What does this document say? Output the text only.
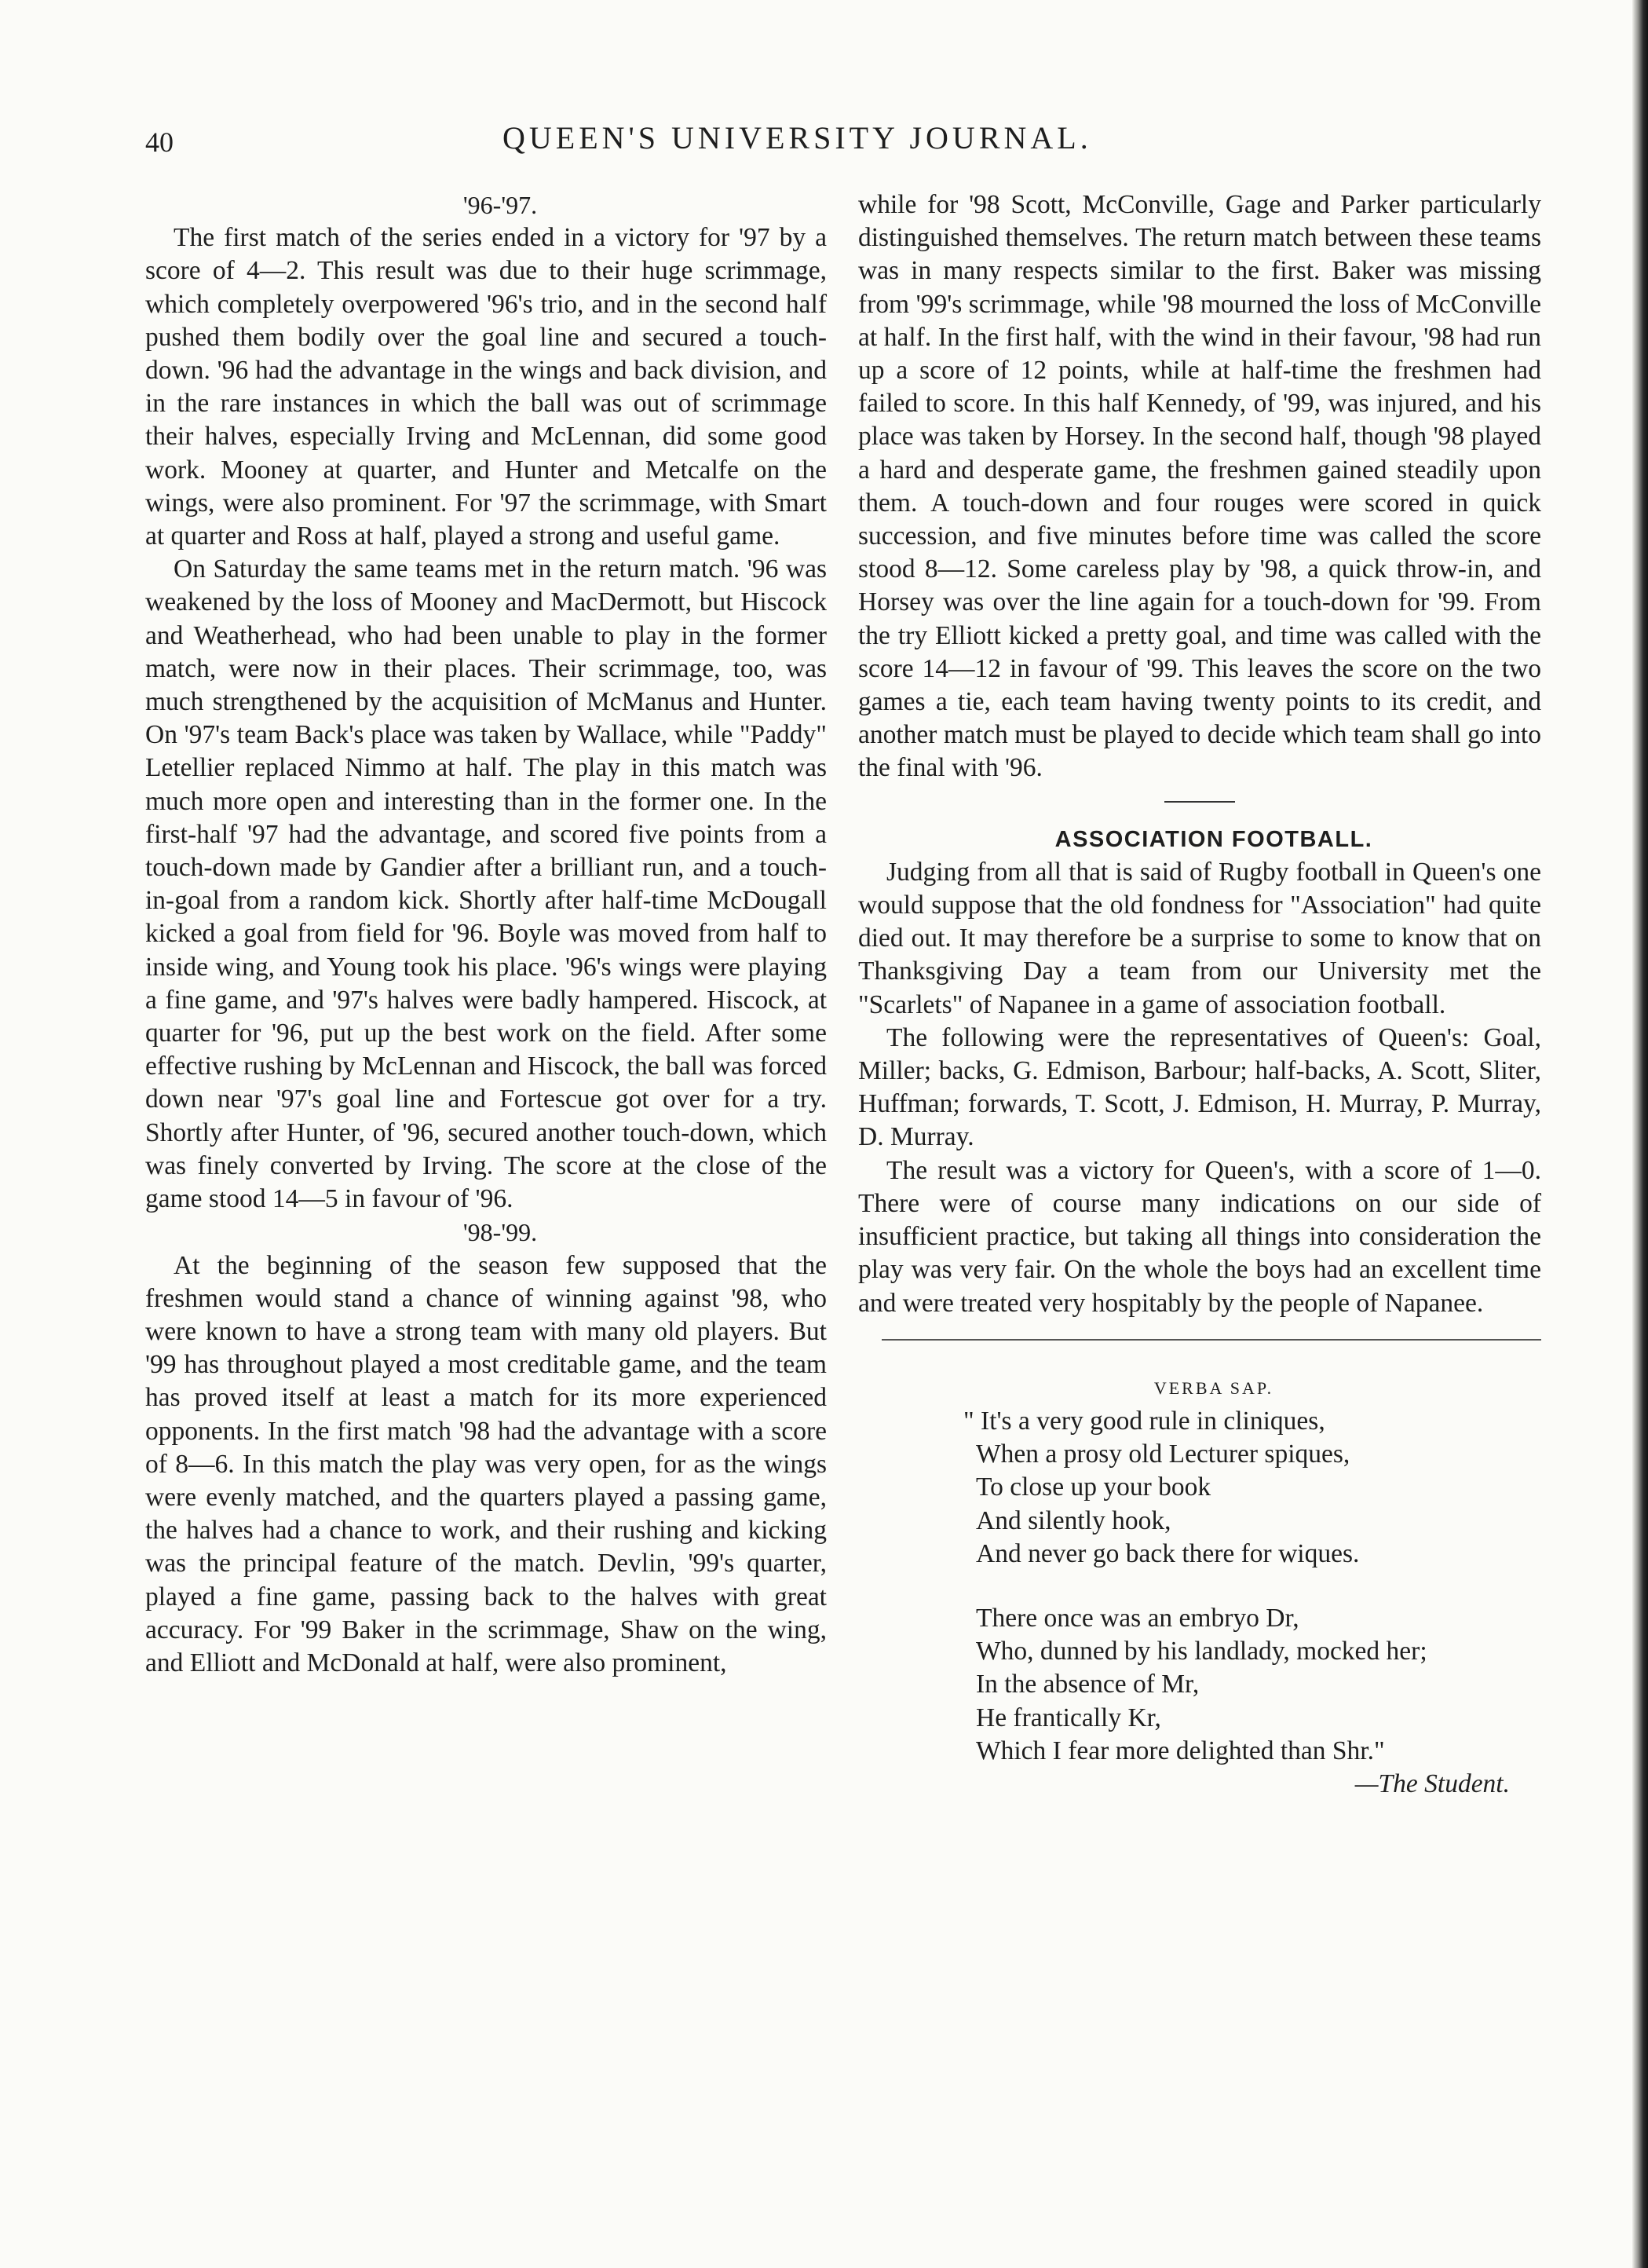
40	QUEEN'S UNIVERSITY JOURNAL.

'96-'97.

The first match of the series ended in a victory for '97 by a score of 4—2. This result was due to their huge scrimmage, which completely overpowered '96's trio, and in the second half pushed them bodily over the goal line and secured a touch-down. '96 had the advantage in the wings and back division, and in the rare instances in which the ball was out of scrimmage their halves, especially Irving and McLennan, did some good work. Mooney at quarter, and Hunter and Metcalfe on the wings, were also prominent. For '97 the scrimmage, with Smart at quarter and Ross at half, played a strong and useful game.

On Saturday the same teams met in the return match. '96 was weakened by the loss of Mooney and MacDermott, but Hiscock and Weatherhead, who had been unable to play in the former match, were now in their places. Their scrimmage, too, was much strengthened by the acquisition of McManus and Hunter. On '97's team Back's place was taken by Wallace, while "Paddy" Letellier replaced Nimmo at half. The play in this match was much more open and interesting than in the former one. In the first-half '97 had the advantage, and scored five points from a touch-down made by Gandier after a brilliant run, and a touch-in-goal from a random kick. Shortly after half-time McDougall kicked a goal from field for '96. Boyle was moved from half to inside wing, and Young took his place. '96's wings were playing a fine game, and '97's halves were badly hampered. Hiscock, at quarter for '96, put up the best work on the field. After some effective rushing by McLennan and Hiscock, the ball was forced down near '97's goal line and Fortescue got over for a try. Shortly after Hunter, of '96, secured another touch-down, which was finely converted by Irving. The score at the close of the game stood 14—5 in favour of '96.

'98-'99.

At the beginning of the season few supposed that the freshmen would stand a chance of winning against '98, who were known to have a strong team with many old players. But '99 has throughout played a most creditable game, and the team has proved itself at least a match for its more experienced opponents. In the first match '98 had the advantage with a score of 8—6. In this match the play was very open, for as the wings were evenly matched, and the quarters played a passing game, the halves had a chance to work, and their rushing and kicking was the principal feature of the match. Devlin, '99's quarter, played a fine game, passing back to the halves with great accuracy. For '99 Baker in the scrimmage, Shaw on the wing, and Elliott and McDonald at half, were also prominent,

while for '98 Scott, McConville, Gage and Parker particularly distinguished themselves. The return match between these teams was in many respects similar to the first. Baker was missing from '99's scrimmage, while '98 mourned the loss of McConville at half. In the first half, with the wind in their favour, '98 had run up a score of 12 points, while at half-time the freshmen had failed to score. In this half Kennedy, of '99, was injured, and his place was taken by Horsey. In the second half, though '98 played a hard and desperate game, the freshmen gained steadily upon them. A touch-down and four rouges were scored in quick succession, and five minutes before time was called the score stood 8—12. Some careless play by '98, a quick throw-in, and Horsey was over the line again for a touch-down for '99. From the try Elliott kicked a pretty goal, and time was called with the score 14—12 in favour of '99. This leaves the score on the two games a tie, each team having twenty points to its credit, and another match must be played to decide which team shall go into the final with '96.

ASSOCIATION FOOTBALL.

Judging from all that is said of Rugby football in Queen's one would suppose that the old fondness for "Association" had quite died out. It may therefore be a surprise to some to know that on Thanksgiving Day a team from our University met the "Scarlets" of Napanee in a game of association football.

The following were the representatives of Queen's: Goal, Miller; backs, G. Edmison, Barbour; half-backs, A. Scott, Sliter, Huffman; forwards, T. Scott, J. Edmison, H. Murray, P. Murray, D. Murray.

The result was a victory for Queen's, with a score of 1—0. There were of course many indications on our side of insufficient practice, but taking all things into consideration the play was very fair. On the whole the boys had an excellent time and were treated very hospitably by the people of Napanee.

VERBA SAP.

" It's a very good rule in cliniques,

When a prosy old Lecturer spiques,

To close up your book

And silently hook,

And never go back there for wiques.

There once was an embryo Dr,

Who, dunned by his landlady, mocked her;

In the absence of Mr,

He frantically Kr,

Which I fear more delighted than Shr."

—The Student.
